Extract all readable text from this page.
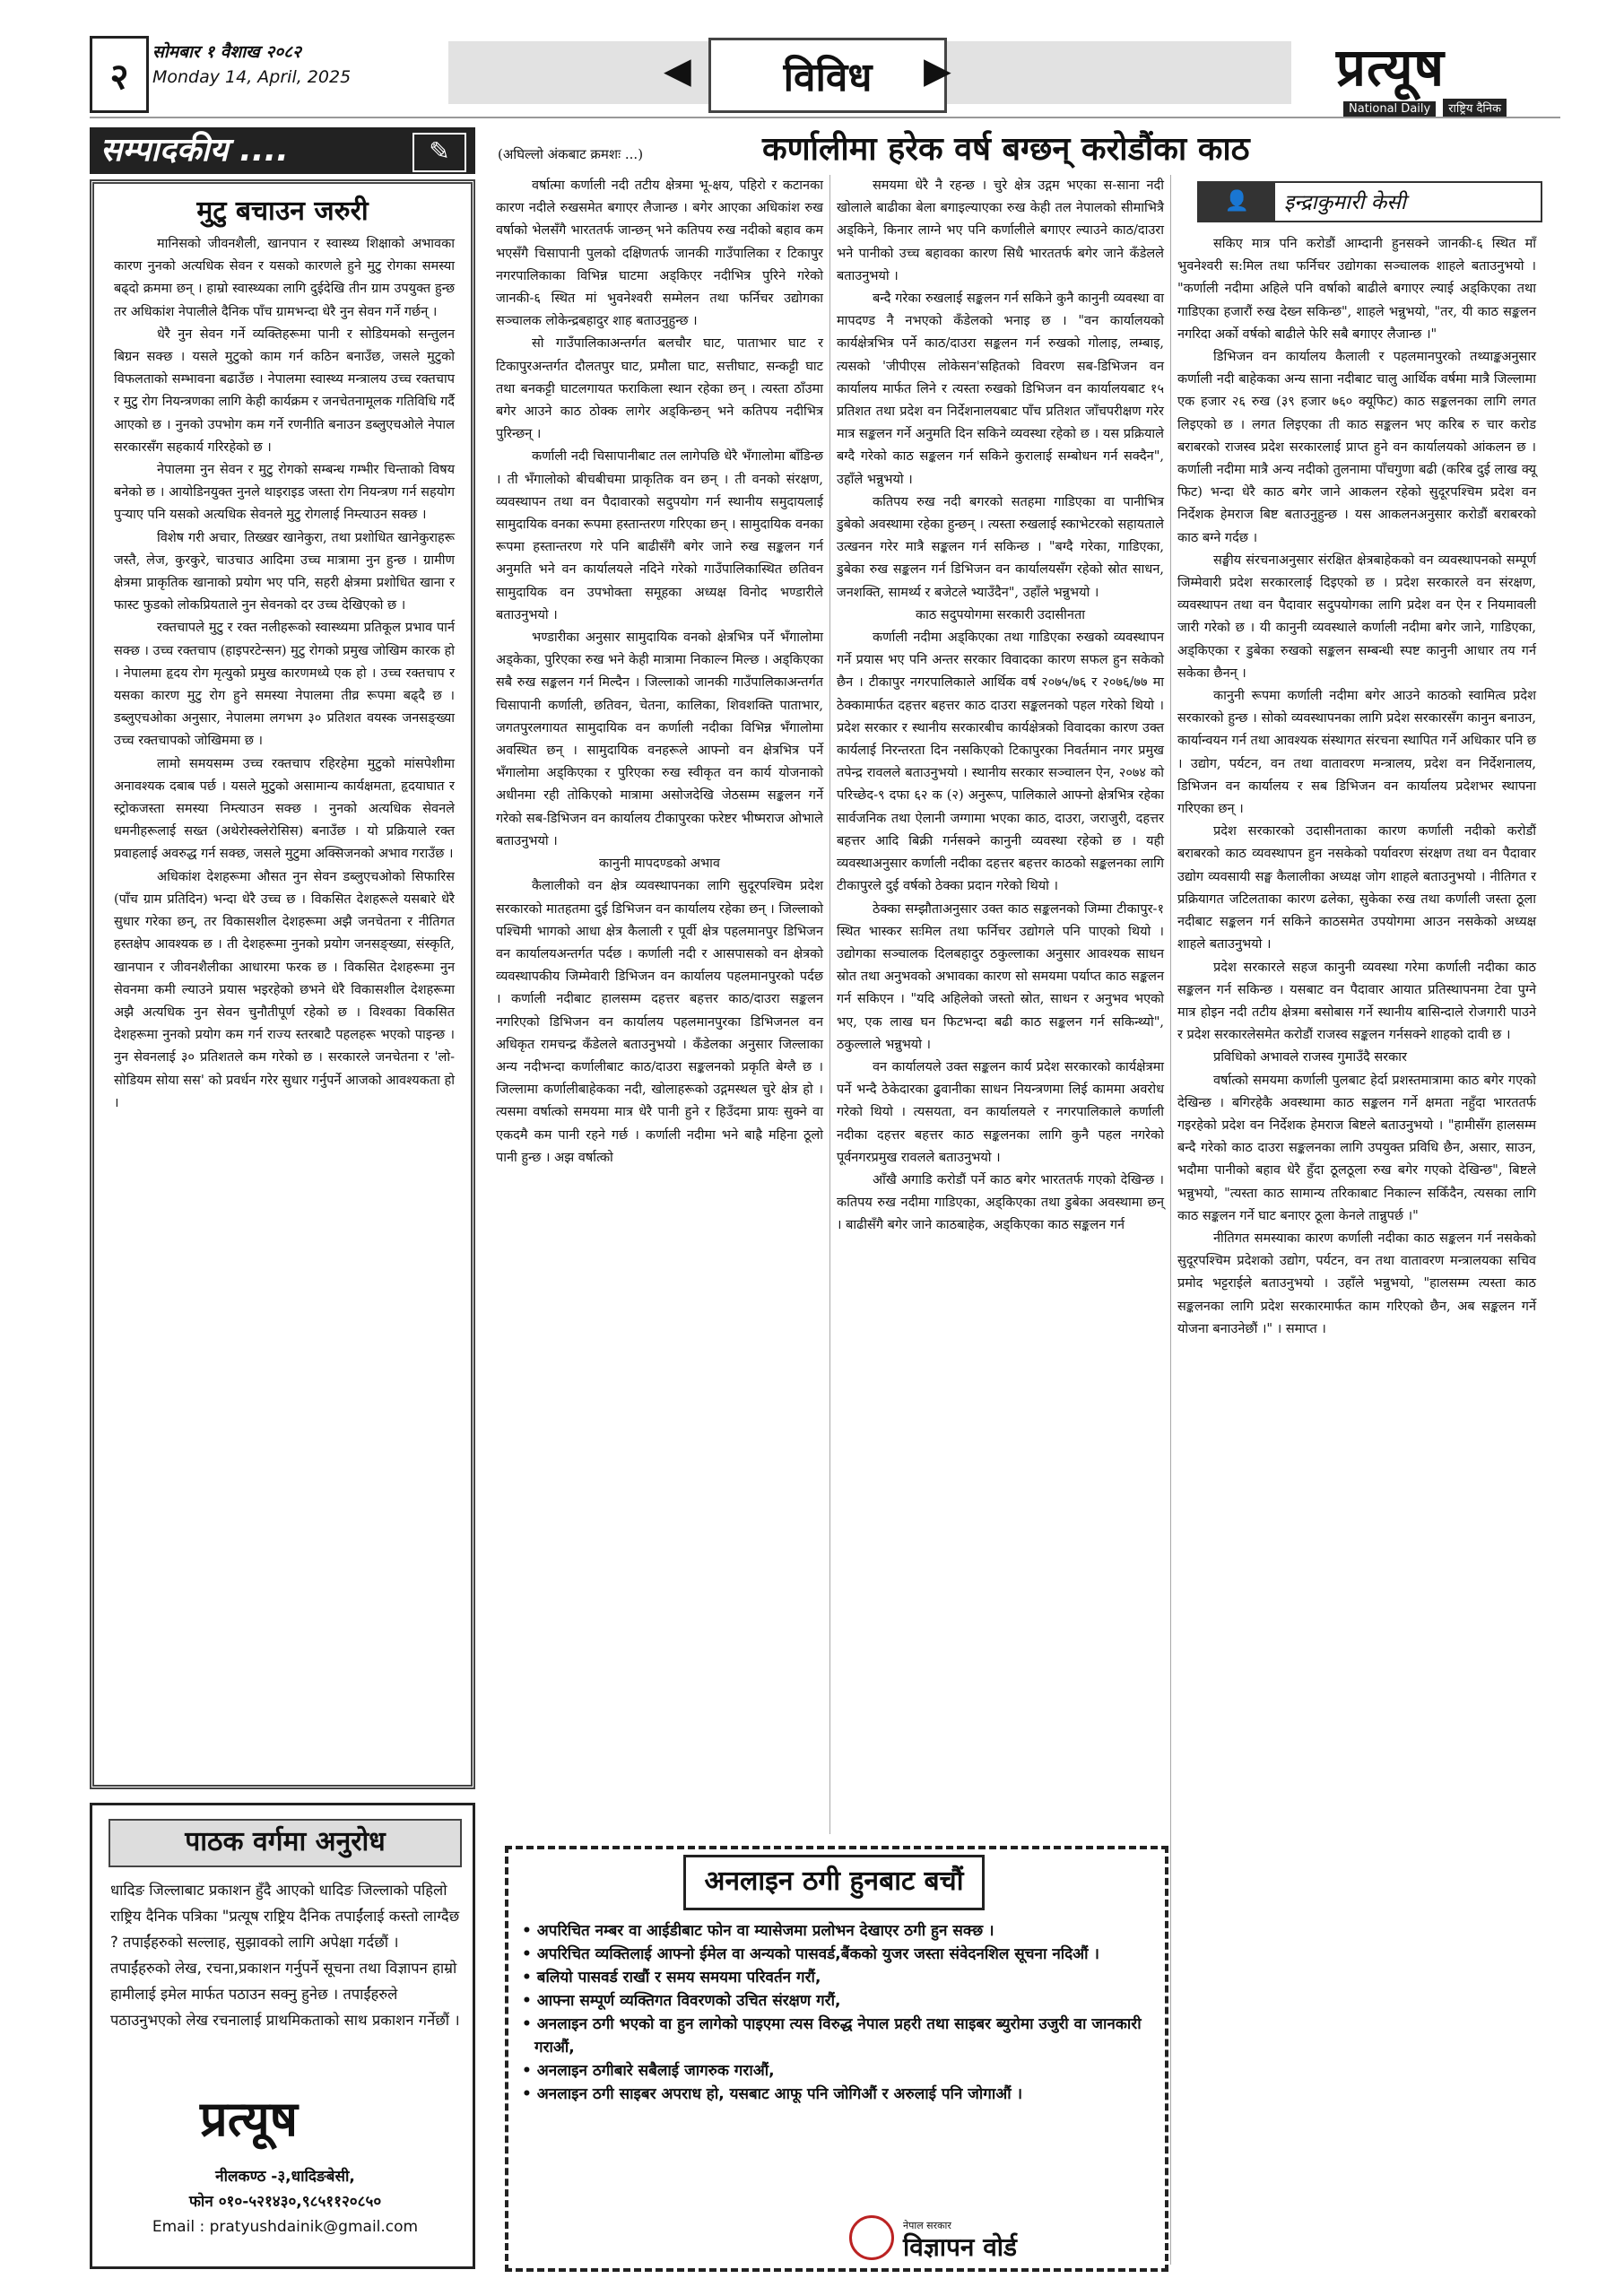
२
सोमबार १ वैशाख २०८२
Monday 14, April, 2025	◀	विविध	▶	प्रत्यूष
National Daily राष्ट्रिय दैनिक
सम्पादकीय ....	✎
मुटु बचाउन जरुरी

मानिसको जीवनशैली, खानपान र स्वास्थ्य शिक्षाको अभावका कारण नुनको अत्यधिक सेवन र यसको कारणले हुने मुटु रोगका समस्या बढ्दो क्रममा छन् । हाम्रो स्वास्थ्यका लागि दुईदेखि तीन ग्राम उपयुक्त हुन्छ तर अधिकांश नेपालीले दैनिक पाँच ग्रामभन्दा धेरै नुन सेवन गर्ने गर्छन् ।

धेरै नुन सेवन गर्ने व्यक्तिहरूमा पानी र सोडियमको सन्तुलन बिग्रन सक्छ । यसले मुटुको काम गर्न कठिन बनाउँछ, जसले मुटुको विफलताको सम्भावना बढाउँछ । नेपालमा स्वास्थ्य मन्त्रालय उच्च रक्तचाप र मुटु रोग नियन्त्रणका लागि केही कार्यक्रम र जनचेतनामूलक गतिविधि गर्दै आएको छ । नुनको उपभोग कम गर्ने रणनीति बनाउन डब्लुएचओले नेपाल सरकारसँग सहकार्य गरिरहेको छ ।

नेपालमा नुन सेवन र मुटु रोगको सम्बन्ध गम्भीर चिन्ताको विषय बनेको छ । आयोडिनयुक्त नुनले थाइराइड जस्ता रोग नियन्त्रण गर्न सहयोग पुऱ्याए पनि यसको अत्यधिक सेवनले मुटु रोगलाई निम्त्याउन सक्छ ।

विशेष गरी अचार, तिख्खर खानेकुरा, तथा प्रशोधित खानेकुराहरू जस्तै, लेज, कुरकुरे, चाउचाउ आदिमा उच्च मात्रामा नुन हुन्छ । ग्रामीण क्षेत्रमा प्राकृतिक खानाको प्रयोग भए पनि, सहरी क्षेत्रमा प्रशोधित खाना र फास्ट फुडको लोकप्रियताले नुन सेवनको दर उच्च देखिएको छ ।

रक्तचापले मुटु र रक्त नलीहरूको स्वास्थ्यमा प्रतिकूल प्रभाव पार्न सक्छ । उच्च रक्तचाप (हाइपरटेन्सन) मुटु रोगको प्रमुख जोखिम कारक हो । नेपालमा हृदय रोग मृत्युको प्रमुख कारणमध्ये एक हो । उच्च रक्तचाप र यसका कारण मुटु रोग हुने समस्या नेपालमा तीव्र रूपमा बढ्दै छ । डब्लुएचओका अनुसार, नेपालमा लगभग ३० प्रतिशत वयस्क जनसङ्ख्या उच्च रक्तचापको जोखिममा छ ।

लामो समयसम्म उच्च रक्तचाप रहिरहेमा मुटुको मांसपेशीमा अनावश्यक दबाब पर्छ । यसले मुटुको असामान्य कार्यक्षमता, हृदयाघात र स्ट्रोकजस्ता समस्या निम्त्याउन सक्छ । नुनको अत्यधिक सेवनले धमनीहरूलाई सख्त (अथेरोस्क्लेरोसिस) बनाउँछ । यो प्रक्रियाले रक्त प्रवाहलाई अवरुद्ध गर्न सक्छ, जसले मुटुमा अक्सिजनको अभाव गराउँछ ।

अधिकांश देशहरूमा औसत नुन सेवन डब्लुएचओको सिफारिस (पाँच ग्राम प्रतिदिन) भन्दा धेरै उच्च छ । विकसित देशहरूले यसबारे धेरै सुधार गरेका छन्, तर विकासशील देशहरूमा अझै जनचेतना र नीतिगत हस्तक्षेप आवश्यक छ । ती देशहरूमा नुनको प्रयोग जनसङ्ख्या, संस्कृति, खानपान र जीवनशैलीका आधारमा फरक छ । विकसित देशहरूमा नुन सेवनमा कमी ल्याउने प्रयास भइरहेको छभने धेरै विकासशील देशहरूमा अझै अत्यधिक नुन सेवन चुनौतीपूर्ण रहेको छ । विश्वका विकसित देशहरूमा नुनको प्रयोग कम गर्न राज्य स्तरबाटै पहलहरू भएको पाइन्छ । नुन सेवनलाई ३० प्रतिशतले कम गरेको छ । सरकारले जनचेतना र 'लो-सोडियम सोया सस' को प्रवर्धन गरेर सुधार गर्नुपर्ने आजको आवश्यकता हो ।

पाठक वर्गमा अनुरोध
धादिङ जिल्लाबाट प्रकाशन हुँदै आएको धादिङ जिल्लाको पहिलो राष्ट्रिय दैनिक पत्रिका "प्रत्यूष राष्ट्रिय दैनिक तपाईंलाई कस्तो लाग्दैछ ? तपाईंहरुको सल्लाह, सुझावको लागि अपेक्षा गर्दछौं । तपाईंहरुको लेख, रचना,प्रकाशन गर्नुपर्ने सूचना तथा विज्ञापन हाम्रो हामीलाई इमेल मार्फत पठाउन सक्नु हुनेछ । तपाईंहरुले पठाउनुभएको लेख रचनालाई प्राथमिकताको साथ प्रकाशन गर्नेछौं ।
प्रत्यूष
नीलकण्ठ -३,धादिङबेसी,
फोन ०१०-५२१४३०,९८५११२०८५०
Email : pratyushdainik@gmail.com
(अघिल्लो अंकबाट क्रमशः ...)	कर्णालीमा हरेक वर्ष बग्छन् करोडौंका काठ
👤	इन्द्राकुमारी केसी

वर्षात्मा कर्णाली नदी तटीय क्षेत्रमा भू-क्षय, पहिरो र कटानका कारण नदीले रुखसमेत बगाएर लैजान्छ । बगेर आएका अधिकांश रुख वर्षाको भेलसँगै भारततर्फ जान्छन् भने कतिपय रुख नदीको बहाव कम भएसँगै चिसापानी पुलको दक्षिणतर्फ जानकी गाउँपालिका र टिकापुर नगरपालिकाका विभिन्न घाटमा अड्किएर नदीभित्र पुरिने गरेको जानकी-६ स्थित मां भुवनेश्वरी सम्मेलन तथा फर्निचर उद्योगका सञ्चालक लोकेन्द्रबहादुर शाह बताउनुहुन्छ ।

सो गाउँपालिकाअन्तर्गत बलचौर घाट, पाताभार घाट र टिकापुरअन्तर्गत दौलतपुर घाट, प्रमौला घाट, सत्तीघाट, सन्कट्टी घाट तथा बनकट्टी घाटलगायत फराकिला स्थान रहेका छन् । त्यस्ता ठाँउमा बगेर आउने काठ ठोक्क लागेर अड्किन्छन् भने कतिपय नदीभित्र पुरिन्छन् ।

कर्णाली नदी चिसापानीबाट तल लागेपछि धेरै भँगालोमा बाँडिन्छ । ती भँगालोको बीचबीचमा प्राकृतिक वन छन् । ती वनको संरक्षण, व्यवस्थापन तथा वन पैदावारको सदुपयोग गर्न स्थानीय समुदायलाई सामुदायिक वनका रूपमा हस्तान्तरण गरिएका छन् । सामुदायिक वनका रूपमा हस्तान्तरण गरे पनि बाढीसँगै बगेर जाने रुख सङ्कलन गर्न अनुमति भने वन कार्यालयले नदिने गरेको गाउँपालिकास्थित छतिवन सामुदायिक वन उपभोक्ता समूहका अध्यक्ष विनोद भण्डारीले बताउनुभयो ।

भण्डारीका अनुसार सामुदायिक वनको क्षेत्रभित्र पर्ने भँगालोमा अड्केका, पुरिएका रुख भने केही मात्रामा निकाल्न मिल्छ । अड्किएका सबै रुख सङ्कलन गर्न मिल्दैन । जिल्लाको जानकी गाउँपालिकाअन्तर्गत चिसापानी कर्णाली, छतिवन, चेतना, कालिका, शिवशक्ति पाताभार, जगतपुरलगायत सामुदायिक वन कर्णाली नदीका विभिन्न भँगालोमा अवस्थित छन् । सामुदायिक वनहरूले आफ्नो वन क्षेत्रभित्र पर्ने भँगालोमा अड्किएका र पुरिएका रुख स्वीकृत वन कार्य योजनाको अधीनमा रही तोकिएको मात्रामा असोजदेखि जेठसम्म सङ्कलन गर्ने गरेको सब-डिभिजन वन कार्यालय टीकापुरका फरेष्टर भीष्मराज ओभाले बताउनुभयो ।

कानुनी मापदण्डको अभाव

कैलालीको वन क्षेत्र व्यवस्थापनका लागि सुदूरपश्चिम प्रदेश सरकारको मातहतमा दुई डिभिजन वन कार्यालय रहेका छन् । जिल्लाको पश्चिमी भागको आधा क्षेत्र कैलाली र पूर्वी क्षेत्र पहलमानपुर डिभिजन वन कार्यालयअन्तर्गत पर्दछ । कर्णाली नदी र आसपासको वन क्षेत्रको व्यवस्थापकीय जिम्मेवारी डिभिजन वन कार्यालय पहलमानपुरको पर्दछ । कर्णाली नदीबाट हालसम्म दहत्तर बहत्तर काठ/दाउरा सङ्कलन नगरिएको डिभिजन वन कार्यालय पहलमानपुरका डिभिजनल वन अधिकृत रामचन्द्र कँडेलले बताउनुभयो । कँडेलका अनुसार जिल्लाका अन्य नदीभन्दा कर्णालीबाट काठ/दाउरा सङ्कलनको प्रकृति बेग्लै छ । जिल्लामा कर्णालीबाहेकका नदी, खोलाहरूको उद्गमस्थल चुरे क्षेत्र हो । त्यसमा वर्षात्को समयमा मात्र धेरै पानी हुने र हिउँदमा प्रायः सुक्ने वा एकदमै कम पानी रहने गर्छ । कर्णाली नदीमा भने बाह्रै महिना ठूलो पानी हुन्छ । अझ वर्षात्को

समयमा धेरै नै रहन्छ । चुरे क्षेत्र उद्गम भएका स-साना नदी खोलाले बाढीका बेला बगाइल्याएका रुख केही तल नेपालको सीमाभित्रै अड्किने, किनार लाग्ने भए पनि कर्णालीले बगाएर ल्याउने काठ/दाउरा भने पानीको उच्च बहावका कारण सिधै भारततर्फ बगेर जाने कँडेलले बताउनुभयो ।

बन्दै गरेका रुखलाई सङ्कलन गर्न सकिने कुनै कानुनी व्यवस्था वा मापदण्ड नै नभएको कँडेलको भनाइ छ । "वन कार्यालयको कार्यक्षेत्रभित्र पर्ने काठ/दाउरा सङ्कलन गर्न रुखको गोलाइ, लम्बाइ, त्यसको 'जीपीएस लोकेसन'सहितको विवरण सब-डिभिजन वन कार्यालय मार्फत लिने र त्यस्ता रुखको डिभिजन वन कार्यालयबाट १५ प्रतिशत तथा प्रदेश वन निर्देशनालयबाट पाँच प्रतिशत जाँचपरीक्षण गरेर मात्र सङ्कलन गर्ने अनुमति दिन सकिने व्यवस्था रहेको छ । यस प्रक्रियाले बग्दै गरेको काठ सङ्कलन गर्न सकिने कुरालाई सम्बोधन गर्न सक्दैन", उहाँले भन्नुभयो ।

कतिपय रुख नदी बगरको सतहमा गाडिएका वा पानीभित्र डुबेको अवस्थामा रहेका हुन्छन् । त्यस्ता रुखलाई स्काभेटरको सहायताले उत्खनन गरेर मात्रै सङ्कलन गर्न सकिन्छ । "बग्दै गरेका, गाडिएका, डुबेका रुख सङ्कलन गर्न डिभिजन वन कार्यालयसँग रहेको स्रोत साधन, जनशक्ति, सामर्थ्य र बजेटले भ्याउँदैन", उहाँले भन्नुभयो ।

काठ सदुपयोगमा सरकारी उदासीनता

कर्णाली नदीमा अड्किएका तथा गाडिएका रुखको व्यवस्थापन गर्ने प्रयास भए पनि अन्तर सरकार विवादका कारण सफल हुन सकेको छैन । टीकापुर नगरपालिकाले आर्थिक वर्ष २०७५/७६ र २०७६/७७ मा ठेक्कामार्फत दहत्तर बहत्तर काठ दाउरा सङ्कलनको पहल गरेको थियो । प्रदेश सरकार र स्थानीय सरकारबीच कार्यक्षेत्रको विवादका कारण उक्त कार्यलाई निरन्तरता दिन नसकिएको टिकापुरका निवर्तमान नगर प्रमुख तपेन्द्र रावलले बताउनुभयो । स्थानीय सरकार सञ्चालन ऐन, २०७४ को परिच्छेद-९ दफा ६२ क (२) अनुरूप, पालिकाले आफ्नो क्षेत्रभित्र रहेका सार्वजनिक तथा ऐलानी जग्गामा भएका काठ, दाउरा, जराजुरी, दहत्तर बहत्तर आदि बिक्री गर्नसक्ने कानुनी व्यवस्था रहेको छ । यही व्यवस्थाअनुसार कर्णाली नदीका दहत्तर बहत्तर काठको सङ्कलनका लागि टीकापुरले दुई वर्षको ठेक्का प्रदान गरेको थियो ।

ठेक्का सम्झौताअनुसार उक्त काठ सङ्कलनको जिम्मा टीकापुर-१ स्थित भास्कर सःमिल तथा फर्निचर उद्योगले पनि पाएको थियो । उद्योगका सञ्चालक दिलबहादुर ठकुल्लाका अनुसार आवश्यक साधन स्रोत तथा अनुभवको अभावका कारण सो समयमा पर्याप्त काठ सङ्कलन गर्न सकिएन । "यदि अहिलेको जस्तो स्रोत, साधन र अनुभव भएको भए, एक लाख घन फिटभन्दा बढी काठ सङ्कलन गर्न सकिन्थ्यो", ठकुल्लाले भन्नुभयो ।

वन कार्यालयले उक्त सङ्कलन कार्य प्रदेश सरकारको कार्यक्षेत्रमा पर्ने भन्दै ठेकेदारका ढुवानीका साधन नियन्त्रणमा लिई काममा अवरोध गरेको थियो । त्यसयता, वन कार्यालयले र नगरपालिकाले कर्णाली नदीका दहत्तर बहत्तर काठ सङ्कलनका लागि कुनै पहल नगरेको पूर्वनगरप्रमुख रावलले बताउनुभयो ।

आँखै अगाडि करोडौं पर्ने काठ बगेर भारततर्फ गएको देखिन्छ । कतिपय रुख नदीमा गाडिएका, अड्किएका तथा डुबेका अवस्थामा छन् । बाढीसँगै बगेर जाने काठबाहेक, अड्किएका काठ सङ्कलन गर्न

सकिए मात्र पनि करोडौं आम्दानी हुनसक्ने जानकी-६ स्थित माँ भुवनेश्वरी स:मिल तथा फर्निचर उद्योगका सञ्चालक शाहले बताउनुभयो । "कर्णाली नदीमा अहिले पनि वर्षाको बाढीले बगाएर ल्याई अड्किएका तथा गाडिएका हजारौं रुख देख्न सकिन्छ", शाहले भन्नुभयो, "तर, यी काठ सङ्कलन नगरिदा अर्को वर्षको बाढीले फेरि सबै बगाएर लैजान्छ ।"

डिभिजन वन कार्यालय कैलाली र पहलमानपुरको तथ्याङ्कअनुसार कर्णाली नदी बाहेकका अन्य साना नदीबाट चालु आर्थिक वर्षमा मात्रै जिल्लामा एक हजार २६ रुख (३९ हजार ७६० क्यूफिट) काठ सङ्कलनका लागि लगत लिइएको छ । लगत लिइएका ती काठ सङ्कलन भए करिब रु चार करोड बराबरको राजस्व प्रदेश सरकारलाई प्राप्त हुने वन कार्यालयको आंकलन छ । कर्णाली नदीमा मात्रै अन्य नदीको तुलनामा पाँचगुणा बढी (करिब दुई लाख क्यू फिट) भन्दा धेरै काठ बगेर जाने आकलन रहेको सुदूरपश्चिम प्रदेश वन निर्देशक हेमराज बिष्ट बताउनुहुन्छ । यस आकलनअनुसार करोडौं बराबरको काठ बग्ने गर्दछ ।

सङ्घीय संरचनाअनुसार संरक्षित क्षेत्रबाहेकको वन व्यवस्थापनको सम्पूर्ण जिम्मेवारी प्रदेश सरकारलाई दिइएको छ । प्रदेश सरकारले वन संरक्षण, व्यवस्थापन तथा वन पैदावार सदुपयोगका लागि प्रदेश वन ऐन र नियमावली जारी गरेको छ । यी कानुनी व्यवस्थाले कर्णाली नदीमा बगेर जाने, गाडिएका, अड्किएका र डुबेका रुखको सङ्कलन सम्बन्धी स्पष्ट कानुनी आधार तय गर्न सकेका छैनन् ।

कानुनी रूपमा कर्णाली नदीमा बगेर आउने काठको स्वामित्व प्रदेश सरकारको हुन्छ । सोको व्यवस्थापनका लागि प्रदेश सरकारसँग कानुन बनाउन, कार्यान्वयन गर्न तथा आवश्यक संस्थागत संरचना स्थापित गर्ने अधिकार पनि छ । उद्योग, पर्यटन, वन तथा वातावरण मन्त्रालय, प्रदेश वन निर्देशनालय, डिभिजन वन कार्यालय र सब डिभिजन वन कार्यालय प्रदेशभर स्थापना गरिएका छन् ।

प्रदेश सरकारको उदासीनताका कारण कर्णाली नदीको करोडौं बराबरको काठ व्यवस्थापन हुन नसकेको पर्यावरण संरक्षण तथा वन पैदावार उद्योग व्यवसायी सङ्घ कैलालीका अध्यक्ष जोग शाहले बताउनुभयो । नीतिगत र प्रक्रियागत जटिलताका कारण ढलेका, सुकेका रुख तथा कर्णाली जस्ता ठूला नदीबाट सङ्कलन गर्न सकिने काठसमेत उपयोगमा आउन नसकेको अध्यक्ष शाहले बताउनुभयो ।

प्रदेश सरकारले सहज कानुनी व्यवस्था गरेमा कर्णाली नदीका काठ सङ्कलन गर्न सकिन्छ । यसबाट वन पैदावार आयात प्रतिस्थापनमा टेवा पुग्ने मात्र होइन नदी तटीय क्षेत्रमा बसोबास गर्ने स्थानीय बासिन्दाले रोजगारी पाउने र प्रदेश सरकारलेसमेत करोडौं राजस्व सङ्कलन गर्नसक्ने शाहको दावी छ ।

प्रविधिको अभावले राजस्व गुमाउँदै सरकार

वर्षात्को समयमा कर्णाली पुलबाट हेर्दा प्रशस्तमात्रामा काठ बगेर गएको देखिन्छ । बगिरहेकै अवस्थामा काठ सङ्कलन गर्ने क्षमता नहुँदा भारततर्फ गइरहेको प्रदेश वन निर्देशक हेमराज बिष्टले बताउनुभयो । "हामीसँग हालसम्म बन्दै गरेको काठ दाउरा सङ्कलनका लागि उपयुक्त प्रविधि छैन, असार, साउन, भदौमा पानीको बहाव धेरै हुँदा ठूलठूला रुख बगेर गएको देखिन्छ", बिष्टले भन्नुभयो, "त्यस्ता काठ सामान्य तरिकाबाट निकाल्न सकिँदैन, त्यसका लागि काठ सङ्कलन गर्ने घाट बनाएर ठूला केनले तान्नुपर्छ ।"

नीतिगत समस्याका कारण कर्णाली नदीका काठ सङ्कलन गर्न नसकेको सुदूरपश्चिम प्रदेशको उद्योग, पर्यटन, वन तथा वातावरण मन्त्रालयका सचिव प्रमोद भट्टराईले बताउनुभयो । उहाँले भन्नुभयो, "हालसम्म त्यस्ता काठ सङ्कलनका लागि प्रदेश सरकारमार्फत काम गरिएको छैन, अब सङ्कलन गर्ने योजना बनाउनेछौं ।" । समाप्त ।

अनलाइन ठगी हुनबाट बचौं
• अपरिचित नम्बर वा आईडीबाट फोन वा म्यासेजमा प्रलोभन देखाएर ठगी हुन सक्छ ।
• अपरिचित व्यक्तिलाई आफ्नो ईमेल वा अन्यको पासवर्ड,बैंकको युजर जस्ता संवेदनशिल सूचना नदिऔं ।
• बलियो पासवर्ड राखौं र समय समयमा परिवर्तन गरौं,
• आफ्ना सम्पूर्ण व्यक्तिगत विवरणको उचित संरक्षण गरौं,
• अनलाइन ठगी भएको वा हुन लागेको पाइएमा त्यस विरुद्ध नेपाल प्रहरी तथा साइबर ब्युरोमा उजुरी वा जानकारी गराऔं,
• अनलाइन ठगीबारे सबैलाई जागरुक गराऔं,
• अनलाइन ठगी साइबर अपराध हो, यसबाट आफू पनि जोगिऔं र अरुलाई पनि जोगाऔं ।
नेपाल सरकार
विज्ञापन वोर्ड
